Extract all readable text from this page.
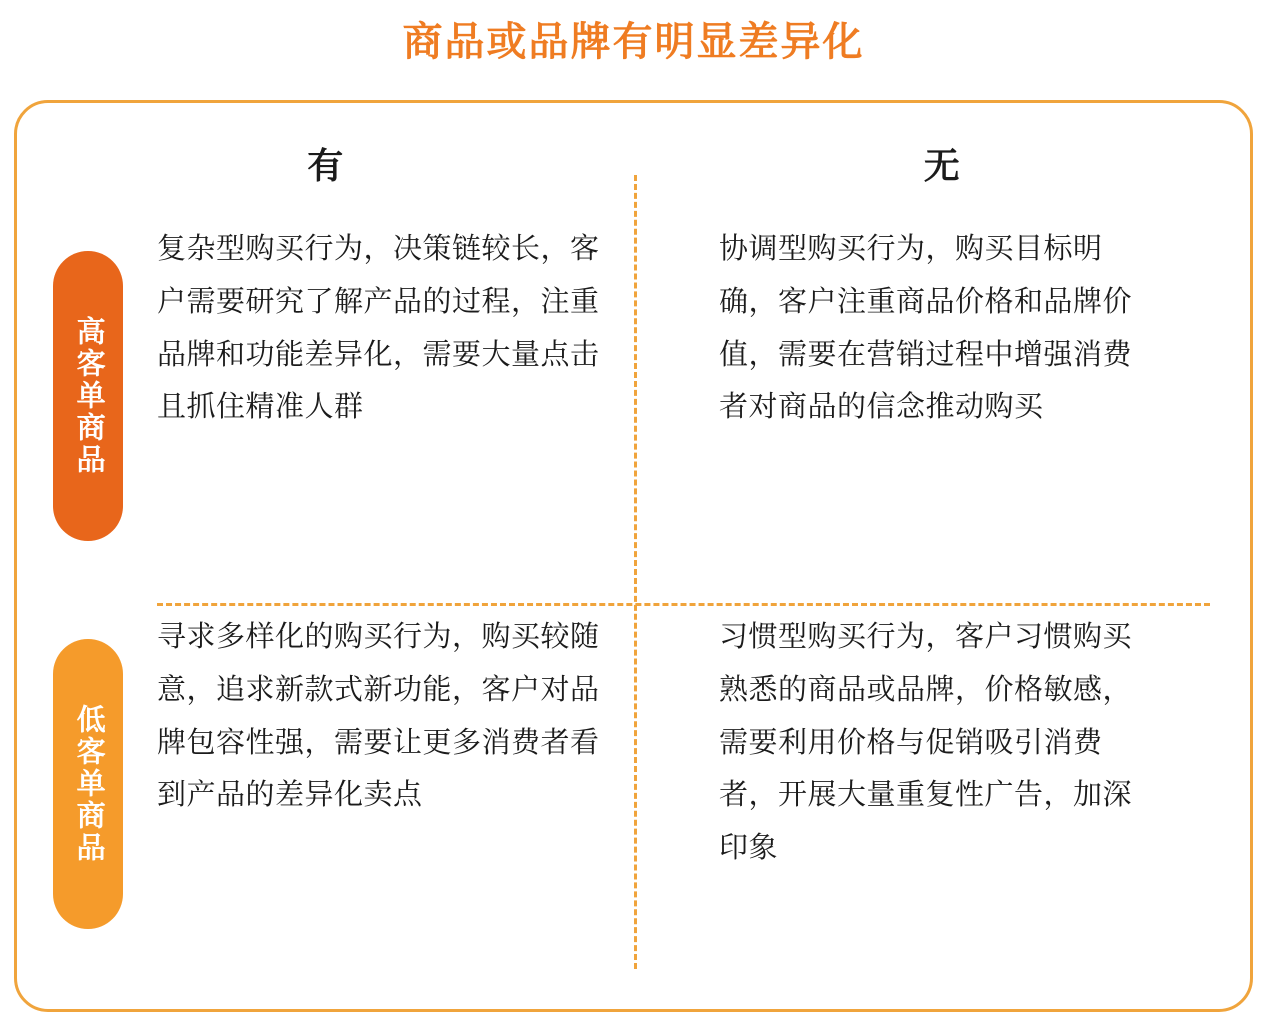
商品或品牌有明显差异化
有	无
高客单商品
复杂型购买行为，决策链较长，客户需要研究了解产品的过程，注重品牌和功能差异化，需要大量点击且抓住精准人群
协调型购买行为，购买目标明确，客户注重商品价格和品牌价值，需要在营销过程中增强消费者对商品的信念推动购买
低客单商品
寻求多样化的购买行为，购买较随意，追求新款式新功能，客户对品牌包容性强，需要让更多消费者看到产品的差异化卖点
习惯型购买行为，客户习惯购买熟悉的商品或品牌，价格敏感，需要利用价格与促销吸引消费者，开展大量重复性广告，加深印象
